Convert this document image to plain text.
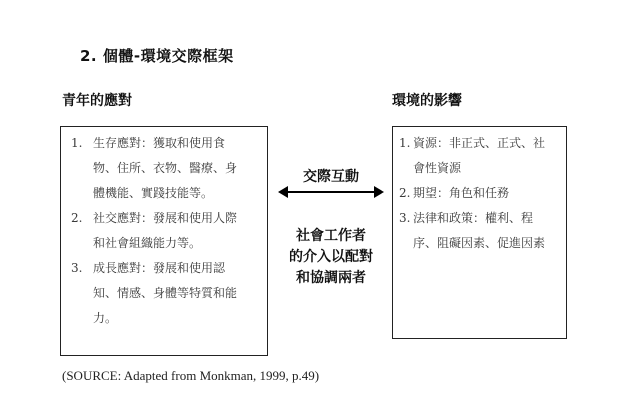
2. 個體-環境交際框架
青年的應對	環境的影響
1. 生存應對：獲取和使用食
物、住所、衣物、醫療、身
體機能、實踐技能等。
2. 社交應對：發展和使用人際
和社會組織能力等。
3. 成長應對：發展和使用認
知、情感、身體等特質和能
力。
1. 資源：非正式、正式、社
會性資源
2. 期望：角色和任務
3. 法律和政策：權利、程
序、阻礙因素、促進因素
交際互動
社會工作者
的介入以配對
和協調兩者
(SOURCE: Adapted from Monkman, 1999, p.49)
